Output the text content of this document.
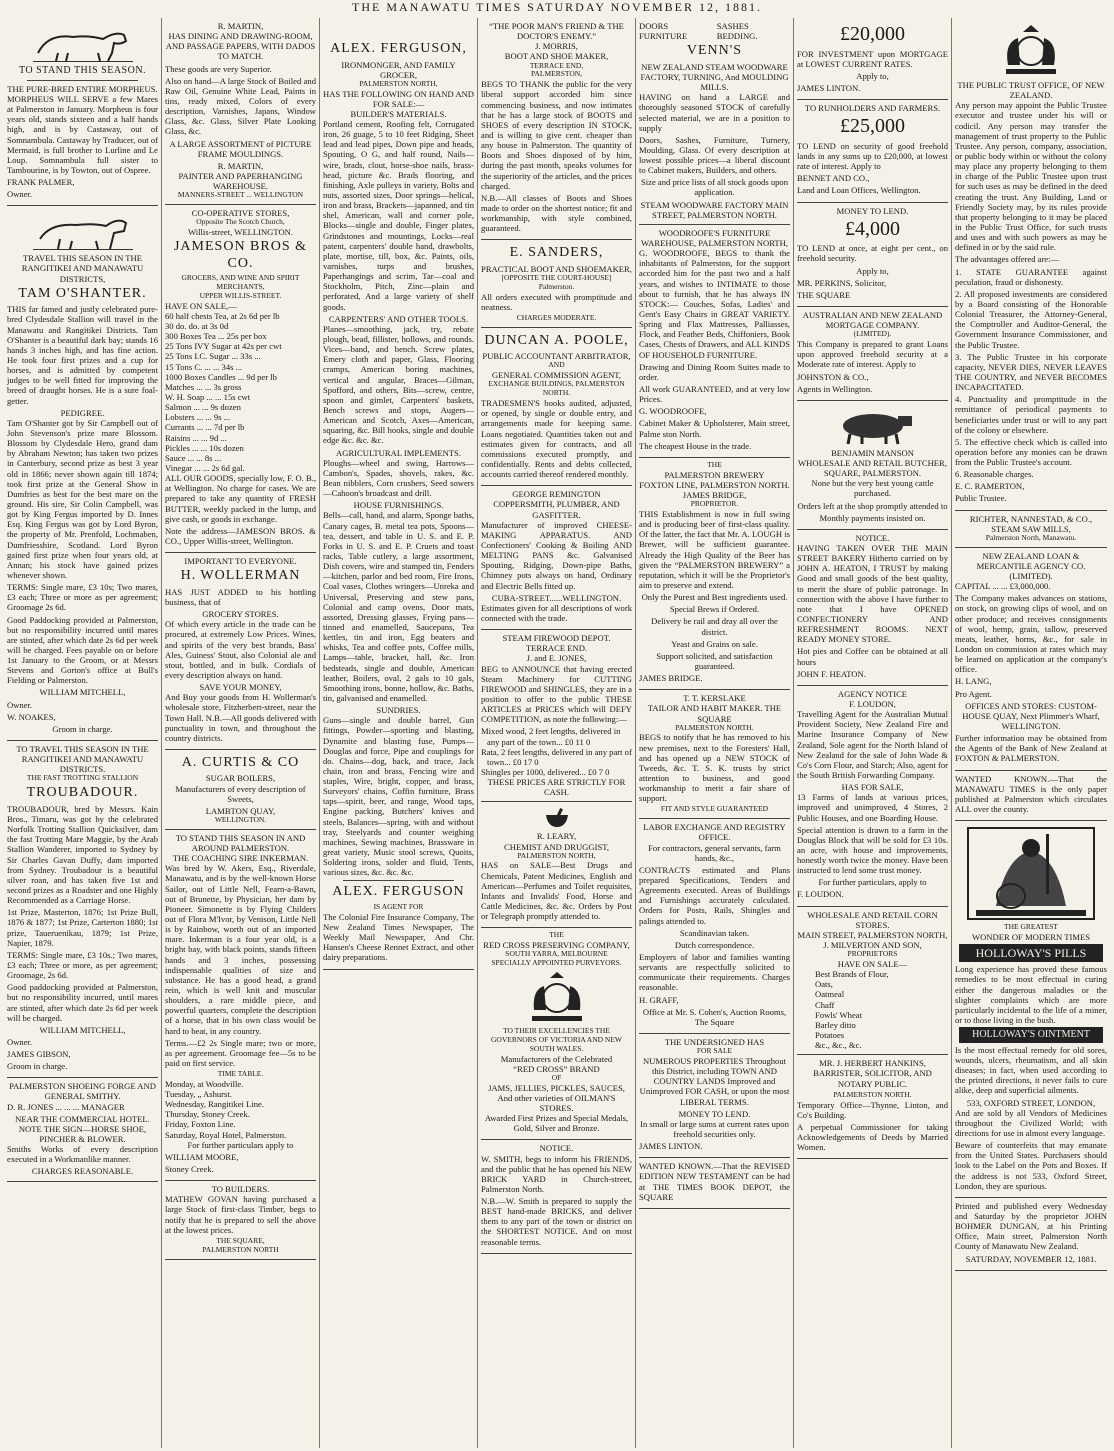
THE MANAWATU TIMES SATURDAY NOVEMBER 12, 1881.
TO STAND THIS SEASON.
THE PURE-BRED ENTIRE MORPHEUS.

MORPHEUS WILL SERVE a few Mares at Palmerston in January. Morpheus is four years old, stands sixteen and a half hands high, and is by Castaway, out of Somnambula. Castaway by Traducer, out of Mermaid, is full brother to Lurline and Le Loup. Somnambula full sister to Tambourine, is by Towton, out of Ospree.

FRANK PALMER,

Owner.

TRAVEL THIS SEASON IN THE RANGITIKEI AND MANAWATU DISTRICTS,
TAM O'SHANTER.

THIS far famed and justly celebrated pure-bred Clydesdale Stallion will travel in the Manawatu and Rangitikei Districts. Tam O'Shanter is a beautiful dark bay; stands 16 hands 3 inches high, and has fine action. He took four first prizes and a cup for horses, and is admitted by competent judges to be well fitted for improving the breed of draught horses. He is a sure foal-getter.

PEDIGREE.

Tam O'Shanter got by Sir Campbell out of John Stevenson's prize mare Blossom. Blossom by Clydesdale Hero, grand dam by Abraham Newton; has taken two prizes in Canterbury, second prize as best 3 year old in 1866; never shown again till 1874; took first prize at the General Show in Dumfries as best for the best mare on the ground. His sire, Sir Colin Campbell, was got by King Fergus imported by D. Innes Esq. King Fergus was got by Lord Byron, the property of Mr. Prenfold, Lochmaben, Dumfriesshire, Scotland. Lord Byron gained first prize when four years old, at Annan; his stock have gained prizes whenever shown.

TERMS: Single mare, £3 10s; Two mares, £3 each; Three or more as per agreement; Groomage 2s 6d.

Good Paddocking provided at Palmerston, but no responsibility incurred until mares are stinted, after which date 2s 6d per week will be charged. Fees payable on or before 1st January to the Groom, or at Messrs Stevens and Gorton's office at Bull's Fielding or Palmerston.

WILLIAM MITCHELL,

Owner.

W. NOAKES,

Groom in charge.

TO TRAVEL THIS SEASON IN THE RANGITIKEI AND MANAWATU DISTRICTS.
THE FAST TROTTING STALLION
TROUBADOUR.

TROUBADOUR, bred by Messrs. Kain Bros., Timaru, was got by the celebrated Norfolk Trotting Stallion Quicksilver, dam the fast Trotting Mare Maggie, by the Arab Stallion Wanderer, imported to Sydney by Sir Charles Gavan Duffy, dam imported from Sydney. Troubadour is a beautiful silver roan, and has taken five 1st and second prizes as a Roadster and one Highly Recommended as a Carriage Horse.

1st Prize, Masterton, 1876; 1st Prize Bull, 1876 & 1877; 1st Prize, Carterton 1880; 1st prize, Taueruenikau, 1879; 1st Prize, Napier, 1879.

TERMS: Single mare, £3 10s.; Two mares, £3 each; Three or more, as per agreement; Groomage, 2s 6d.

Good paddocking provided at Palmerston, but no responsibility incurred, until mares are stinted, after which date 2s 6d per week will be charged.

WILLIAM MITCHELL,

Owner.

JAMES GIBSON,

Groom in charge.

PALMERSTON SHOEING FORGE AND GENERAL SMITHY.

D. R. JONES ... ... ... MANAGER

NEAR THE COMMERCIAL HOTEL.
NOTE THE SIGN—HORSE SHOE, PINCHER & BLOWER.

Smiths Works of every description executed in a Workmanlike manner.

CHARGES REASONABLE.
R. MARTIN,

HAS DINING AND DRAWING-ROOM, AND PASSAGE PAPERS, WITH DADOS TO MATCH.

These goods are very Superior.

Also on hand—A large Stock of Boiled and Raw Oil, Genuine White Lead, Paints in tins, ready mixed, Colors of every description, Varnishes, Japans, Window Glass, &c. Glass, Silver Plate Looking Glass, &c.

A LARGE ASSORTMENT of PICTURE FRAME MOULDINGS.

R. MARTIN,
PAINTER AND PAPERHANGING WAREHOUSE.
MANNERS-STREET ... WELLINGTON
CO-OPERATIVE STORES,
Opposite The Scotch Church,
Willis-street, WELLINGTON.
JAMESON BROS & CO.
GROCERS, AND WINE AND SPIRIT MERCHANTS,
UPPER WILLIS-STREET.
HAVE ON SALE,—
60 half chests Tea, at 2s 6d per lb
30 do. do. at 3s 0d
300 Boxes Tea ... 25s per box
25 Tons IVY Sugar at 42s per cwt
25 Tons I.C. Sugar ... 33s ...
15 Tons C. ... ... 34s ...
1000 Boxes Candles ... 9d per lb
Matches ... ... 3s gross
W. H. Soap ... ... 15s cwt
Salmon ... ... 9s dozen
Lobsters ... ... 9s ...
Currants ... ... 7d per lb
Raisins ... ... 9d ...
Pickles ... ... 10s dozen
Sauce ... ... 8s ...
Vinegar ... ... 2s 6d gal.

ALL OUR GOODS, specially low, F. O. B., at Wellington. No charge for cases. We are prepared to take any quantity of FRESH BUTTER, weekly packed in the lump, and give cash, or goods in exchange.

Note the address—JAMESON BROS. & CO., Upper Willis-street, Wellington.

IMPORTANT TO EVERYONE.
H. WOLLERMAN

HAS JUST ADDED to his bottling business, that of

GROCERY STORES.

Of which every article in the trade can be procured, at extremely Low Prices. Wines, and spirits of the very best brands, Bass' Ales, Guiness' Stout, also Colonial ale and stout, bottled, and in bulk. Cordials of every description always on hand.

SAVE YOUR MONEY,

And Buy your goods from H. Wollerman's wholesale store, Fitzherbert-street, near the Town Hall. N.B.—All goods delivered with punctuality in town, and throughout the country districts.

A. CURTIS & CO
SUGAR BOILERS,

Manufacturers of every description of Sweets,

LAMBTON QUAY,
WELLINGTON.
TO STAND THIS SEASON IN AND AROUND PALMERSTON.
THE COACHING SIRE INKERMAN.

Was bred by W. Akers, Esq., Riverdale, Manawatu, and is by the well-known Horse Sailor, out of Little Nell, Fearn-a-Bawn, out of Brunette, by Physician, her dam by Pioneer. Simonette is by Flying Childers out of Flora M'Ivor, by Venison, Little Nell is by Rainbow, worth out of an imported mare. Inkerman is a four year old, is a bright bay, with black points, stands fifteen hands and 3 inches, possessing indispensable qualities of size and substance. He has a good head, a grand rein, which is well knit and muscular shoulders, a rare middle piece, and powerful quarters, complete the description of a horse, that in his own class would be hard to beat, in any country.

Terms.—£2 2s Single mare; two or more, as per agreement. Groomage fee—5s to be paid on first service.

TIME TABLE.
Monday, at Woodville.
Tuesday, „ Ashurst.
Wednesday, Rangitikei Line.
Thursday, Stoney Creek.
Friday, Foxton Line.
Saturday, Royal Hotel, Palmerston.

For further particulars apply to

WILLIAM MOORE,

Stoney Creek.

TO BUILDERS.

MATHEW GOVAN having purchased a large Stock of first-class Timber, begs to notify that he is prepared to sell the above at the lowest prices.

THE SQUARE,
PALMERSTON NORTH
ALEX. FERGUSON,
IRONMONGER, AND FAMILY GROCER,
PALMERSTON NORTH,
HAS THE FOLLOWING ON HAND AND FOR SALE:—
BUILDER'S MATERIALS.

Portland cement, Roofing felt, Corrugated iron, 26 guage, 5 to 10 feet Ridging, Sheet lead and lead pipes, Down pipe and heads, Spouting, O G, and half round, Nails—wire, brads, clout, horse-shoe nails, brass-head, picture &c. Brads flooring, and finishing, Axle pulleys in variety, Bolts and nuts, assorted sizes, Door springs—helical, iron and brass, Brackets—japanned, and tin shel, American, wall and corner pole, Blocks—single and double, Finger plates, Grindstones and mountings, Locks—real patent, carpenters' double hand, drawbolts, plate, mortise, till, box, &c. Paints, oils, varnishes, turps and brushes, Paperhangings and scrim, Tar—coal and Stockholm, Pitch, Zinc—plain and perforated, And a large variety of shelf goods.

CARPENTERS' AND OTHER TOOLS.

Planes—smoothing, jack, try, rebate plough, bead, fillister, hollows, and rounds. Vices—band, and bench. Screw plates, Emery cloth and paper, Glass, Flooring cramps, American boring machines, vertical and angular, Braces—Gilman, Spofford, and others, Bits—screw, centre, spoon and gimlet, Carpenters' baskets, Bench screws and stops, Augers—American and Scotch, Axes—American, squaring, &c. Bill hooks, single and double edge &c. &c. &c.

AGRICULTURAL IMPLEMENTS.

Ploughs—wheel and swing, Harrows—Cambon's, Spades, shovels, rakes, &c. Bean nibblers, Corn crushers, Seed sowers—Cahoon's broadcast and drill.

HOUSE FURNISHINGS.

Bells—call, hand, and alarm, Sponge baths, Canary cages, B. metal tea pots, Spoons—tea, dessert, and table in U. S. and E. P. Forks in U. S. and E. P. Cruets and toast racks, Table cutlery, a large assortment, Dish covers, wire and stamped tin, Fenders—kitchen, parlor and bed room, Fire Irons, Coal vases, Clothes wringers—Unreka and Universal, Preserving and stew pans, Colonial and camp ovens, Door mats, assorted, Dressing glasses, Frying pans—tinned and enamelled, Saucepans, Tea kettles, tin and iron, Egg beaters and whisks, Tea and coffee pots, Coffee mills, Lamps—table, bracket, hall, &c. Iron bedsteads, single and double, American leather, Boilers, oval, 2 gals to 10 gals, Smoothing irons, bonne, hollow, &c. Baths, tin, galvanised and enamelled.

SUNDRIES.

Guns—single and double barrel, Gun fittings, Powder—sporting and blasting, Dynamite and blasting fuse, Pumps—Douglas and force, Pipe and couplings for do. Chains—dog, back, and trace, Jack chain, iron and brass, Fencing wire and staples, Wire, bright, copper, and brass, Surveyors' chains, Coffin furniture, Brass taps—spirit, beer, and range, Wood taps, Engine packing, Butchers' knives and steels, Balances—spring, with and without tray, Steelyards and counter weighing machines, Sewing machines, Brassware in great variety, Music stool screws, Quoits, Soldering irons, solder and fluid, Tents, various sizes, &c. &c. &c.

ALEX. FERGUSON
IS AGENT FOR

The Colonial Fire Insurance Company, The New Zealand Times Newspaper, The Weekly Mail Newspaper, And Chr. Hansen's Cheese Rennet Extract, and other dairy preparations.

“THE POOR MAN'S FRIEND & THE DOCTOR'S ENEMY.”
J. MORRIS,
BOOT AND SHOE MAKER,
TERRACE END,
PALMERSTON,

BEGS TO THANK the public for the very liberal support accorded him since commencing business, and now intimates that he has a large stock of BOOTS and SHOES of every description IN STOCK, and is willing to give cent. cheaper than any house in Palmerston. The quantity of Boots and Shoes disposed of by him, during the past month, speaks volumes for the superiority of the articles, and the prices charged.

N.B.—All classes of Boots and Shoes made to order on the shortest notice; fit and workmanship, with style combined, guaranteed.

E. SANDERS,
PRACTICAL BOOT AND SHOEMAKER,
[OPPOSITE THE COURT-HOUSE]
Palmerston.

All orders executed with promptitude and neatness.

CHARGES MODERATE.
DUNCAN A. POOLE,
PUBLIC ACCOUNTANT ARBITRATOR,
AND
GENERAL COMMISSION AGENT,
EXCHANGE BUILDINGS, PALMERSTON NORTH.

TRADESMEN'S books audited, adjusted, or opened, by single or double entry, and arrangements made for keeping same. Loans negotiated. Quantities taken out and estimates given for contracts, and all commissions executed promptly, and confidentially. Rents and debts collected, accounts carried thereof rendered monthly.

GEORGE REMINGTON
COPPERSMITH, PLUMBER, AND GASFITTER.

Manufacturer of improved CHEESE-MAKING APPARATUS. AND Confectioners' Cooking & Boiling AND MELTING PANS &c. Galvanised Spouting, Ridging, Down-pipe Baths, Chimney pots always on hand, Ordinary and Electric Bells fitted up.

CUBA-STREET......WELLINGTON.

Estimates given for all descriptions of work connected with the trade.

STEAM FIREWOOD DEPOT.
TERRACE END.
J. and E. JONES,

BEG to ANNOUNCE that having erected Steam Machinery for CUTTING FIREWOOD and SHINGLES, they are in a position to offer to the public THESE ARTICLES at PRICES which will DEFY COMPETITION, as note the following:—

Mixed wood, 2 feet lengths, delivered in any part of the town... £0 11 0
Rata, 2 feet lengths, delivered in any part of town... £0 17 0
Shingles per 1000, delivered... £0 7 0
THESE PRICES ARE STRICTLY FOR CASH.
R. LEARY,
CHEMIST AND DRUGGIST,
PALMERSTON NORTH,

HAS on SALE—Best Drugs and Chemicals, Patent Medicines, English and American—Perfumes and Toilet requisites, Infants and Invalids' Food, Horse and Cattle Medicines, &c. &c. Orders by Post or Telegraph promptly attended to.

THE
RED CROSS PRESERVING COMPANY,
SOUTH YARRA, MELBOURNE
SPECIALLY APPOINTED PURVEYORS.
TO THEIR EXCELLENCIES THE GOVERNORS OF VICTORIA AND NEW SOUTH WALES.
Manufacturers of the Celebrated
“RED CROSS” BRAND
OF
JAMS, JELLIES, PICKLES, SAUCES,
And other varieties of OILMAN'S STORES.

Awarded First Prizes and Special Medals, Gold, Silver and Bronze.

NOTICE.

W. SMITH, begs to inform his FRIENDS, and the public that he has opened his NEW BRICK YARD in Church-street, Palmerston North.

N.B.—W. Smith is prepared to supply the BEST hand-made BRICKS, and deliver them to any part of the town or district on the SHORTEST NOTICE. And on most reasonable terms.

DOORS FURNITURE
SASHES BEDDING.
VENN'S
NEW ZEALAND STEAM WOODWARE FACTORY, TURNING, And MOULDING MILLS.

HAVING on hand a LARGE and thoroughly seasoned STOCK of carefully selected material, we are in a position to supply

Doors, Sashes, Furniture, Turnery, Moulding, Glass. Of every description at lowest possible prices—a liberal discount to Cabinet makers, Builders, and others.

Size and price lists of all stock goods upon application.

STEAM WOODWARE FACTORY MAIN STREET, PALMERSTON NORTH.
WOODROOFE'S FURNITURE WAREHOUSE, PALMERSTON NORTH,

G. WOODROOFE, BEGS to thank the inhabitants of Palmerston, for the support accorded him for the past two and a half years, and wishes to INTIMATE to those about to furnish, that he has always IN STOCK:— Couches, Sofas, Ladies' and Gent's Easy Chairs in GREAT VARIETY. Spring and Flax Mattresses, Palliasses, Flock, and Feather Beds, Chiffoniers, Book Cases, Chests of Drawers, and ALL KINDS OF HOUSEHOLD FURNITURE.

Drawing and Dining Room Suites made to order.

All work GUARANTEED, and at very low Prices.

G. WOODROOFE,

Cabinet Maker & Upholsterer, Main street, Palme ston North.

The cheapest House in the trade.

THE
PALMERSTON BREWERY
FOXTON LINE, PALMERSTON NORTH.
JAMES BRIDGE,
PROPRIETOR.

THIS Establishment is now in full swing and is producing beer of first-class quality. Of the latter, the fact that Mr. A. LOUGH is Brewer, will be sufficient guarantee. Already the High Quality of the Beer has given the “PALMERSTON BREWERY” a reputation, which it will be the Proprietor's aim to preserve and extend.

Only the Purest and Best ingredients used.

Special Brews if Ordered.

Delivery be rail and dray all over the district.

Yeast and Grains on sale.

Support solicited, and satisfaction guaranteed.

JAMES BRIDGE.

T. T. KERSLAKE
TAILOR AND HABIT MAKER. THE SQUARE
PALMERSTON NORTH.

BEGS to notify that he has removed to his new premises, next to the Foresters' Hall, and has opened up a NEW STOCK of Tweeds, &c. T. S. K. trusts by strict attention to business, and good workmanship to merit a fair share of support.

FIT AND STYLE GUARANTEED
LABOR EXCHANGE AND REGISTRY OFFICE.

For contractors, general servants, farm hands, &c.,

CONTRACTS estimated and Plans prepared Specifications, Tenders and Agreements executed. Areas of Buildings and Furnishings accurately calculated. Orders for Posts, Rails, Shingles and palings attended to.

Scandinavian taken.

Dutch correspondence.

Employers of labor and families wanting servants are respectfully solicited to communicate their requirements. Charges reasonable.

H. GRAFF,

Office at Mr. S. Cohen's, Auction Rooms, The Square

THE UNDERSIGNED HAS
FOR SALE

NUMEROUS PROPERTIES Throughout this District, including TOWN AND COUNTRY LANDS Improved and Unimproved FOR CASH, or upon the most LIBERAL TERMS.

MONEY TO LEND.

In small or large sums at current rates upon freehold securities only.

JAMES LINTON.

WANTED KNOWN.—That the REVISED EDITION NEW TESTAMENT can be had at THE TIMES BOOK DEPOT, the SQUARE

£20,000

FOR INVESTMENT upon MORTGAGE at LOWEST CURRENT RATES.

Apply to,

JAMES LINTON.

TO RUNHOLDERS AND FARMERS.
£25,000

TO LEND on security of good freehold lands in any sums up to £20,000, at lowest rate of interest. Apply to

BENNET AND CO.,

Land and Loan Offices, Wellington.

MONEY TO LEND.
£4,000

TO LEND at once, at eight per cent., on freehold security.

Apply to,

MR. PERKINS, Solicitor,

THE SQUARE

AUSTRALIAN AND NEW ZEALAND MORTGAGE COMPANY.
(LIMITED).

This Company is prepared to grant Loans upon approved freehold security at a Moderate rate of interest. Apply to

JOHNSTON & CO.,

Agents in Wellington.

BENJAMIN MANSON
WHOLESALE AND RETAIL BUTCHER,
SQUARE, PALMERSTON.

None but the very best young cattle purchased.

Orders left at the shop promptly attended to

Monthly payments insisted on.

NOTICE.

HAVING TAKEN OVER THE MAIN STREET BAKERY Hitherto carried on by JOHN A. HEATON, I TRUST by making Good and small goods of the best quality, to merit the share of public patronage. In connection with the above I have further to note that I have OPENED CONFECTIONERY AND REFRESHMENT ROOMS. NEXT READY MONEY STORE.

Hot pies and Coffee can be obtained at all hours

JOHN F. HEATON.

AGENCY NOTICE
F. LOUDON,

Travelling Agent for the Australian Mutual Provident Society, New Zealand Fire and Marine Insurance Company of New Zealand, Sole agent for the North Island of New Zealand for the sale of John Wade & Co's Corn Flour, and Starch; Also, agent for the South British Forwarding Company.

HAS FOR SALE,

13 Farms of lands at various prices, improved and unimproved, 4 Stores, 2 Public Houses, and one Boarding House.

Special attention is drawn to a farm in the Douglas Block that will be sold for £3 10s. an acre, with house and improvements, honestly worth twice the money. Have been instructed to lend some trust money.

For further particulars, apply to

F. LOUDON.

WHOLESALE AND RETAIL CORN STORES.
MAIN STREET, PALMERSTON NORTH,
J. MILVERTON AND SON,
PROPRIETORS
HAVE ON SALE—
Best Brands of Flour,
Oats,
Oatmeal
Chaff
Fowls' Wheat
Barley ditto
Potatoes
&c., &c., &c.
MR. J. HERBERT HANKINS,

BARRISTER, SOLICITOR, AND NOTARY PUBLIC.

PALMERSTON NORTH.

Temporary Office—Thynne, Linton, and Co's Building.

A perpetual Commissioner for taking Acknowledgements of Deeds by Married Women.

THE PUBLIC TRUST OFFICE, OF NEW ZEALAND.

Any person may appoint the Public Trustee executor and trustee under his will or codicil. Any person may transfer the management of trust property to the Public Trustee. Any person, company, association, or public body within or without the colony may place any property belonging to them in charge of the Public Trustee upon trust for such uses as may be defined in the deed creating the trust. Any Building, Land or Friendly Society may, by its rules provide that property belonging to it may be placed in the Public Trust Office, for such trusts and uses and with such powers as may be defined in or by the said rule.

The advantages offered are:—

1. STATE GUARANTEE against peculation, fraud or dishonesty.

2. All proposed investments are considered by a Board consisting of the Honorable Colonial Treasurer, the Attorney-General, the Comptroller and Auditor-General, the Government Insurance Commissioner, and the Public Trustee.

3. The Public Trustee in his corporate capacity, NEVER DIES, NEVER LEAVES THE COUNTRY, and NEVER BECOMES INCAPACITATED.

4. Punctuality and promptitude in the remittance of periodical payments to beneficiaries under trust or will to any part of the colony or elsewhere.

5. The effective check which is called into operation before any monies can be drawn from the Public Trustee's account.

6. Reasonable charges.

E. C. RAMERTON,

Public Trustee.

RICHTER, NANNESTAD, & CO.,
STEAM SAW MILLS,
Palmerston North, Manawatu.
NEW ZEALAND LOAN & MERCANTILE AGENCY CO. (LIMITED).

CAPITAL ... ... £3,000,000.

The Company makes advances on stations, on stock, on growing clips of wool, and on other produce; and receives consignments of wool, hemp, grain, tallow, preserved meats, leather, horns, &c., for sale in London on commission at rates which may be learned on application at the company's office.

H. LANG,

Pro Agent.

OFFICES AND STORES: CUSTOM-HOUSE QUAY, Next Plimmer's Wharf, WELLINGTON.

Further information may be obtained from the Agents of the Bank of New Zealand at FOXTON & PALMERSTON.

WANTED KNOWN.—That the MANAWATU TIMES is the only paper published at Palmerston which circulates ALL over the county.

THE GREATEST
WONDER OF MODERN TIMES
HOLLOWAY'S PILLS

Long experience has proved these famous remedies to be most effectual in curing either the dangerous maladies or the slighter complaints which are more particularly incidental to the life of a miner, or to those living in the bush.

HOLLOWAY'S OINTMENT

Is the most effectual remedy for old sores, wounds, ulcers, rheumatism, and all skin diseases; in fact, when used according to the printed directions, it never fails to cure alike, deep and superficial ailments.

533, OXFORD STREET, LONDON,

And are sold by all Vendors of Medicines throughout the Civilized World; with directions for use in almost every language.

Beware of counterfeits that may emanate from the United States. Purchasers should look to the Label on the Pots and Boxes. If the address is not 533, Oxford Street, London, they are spurious.

Printed and published every Wednesday and Saturday by the proprietor JOHN BOHMER DUNGAN, at his Printing Office, Main street, Palmerston North County of Manawatu New Zealand.

SATURDAY, NOVEMBER 12, 1881.
